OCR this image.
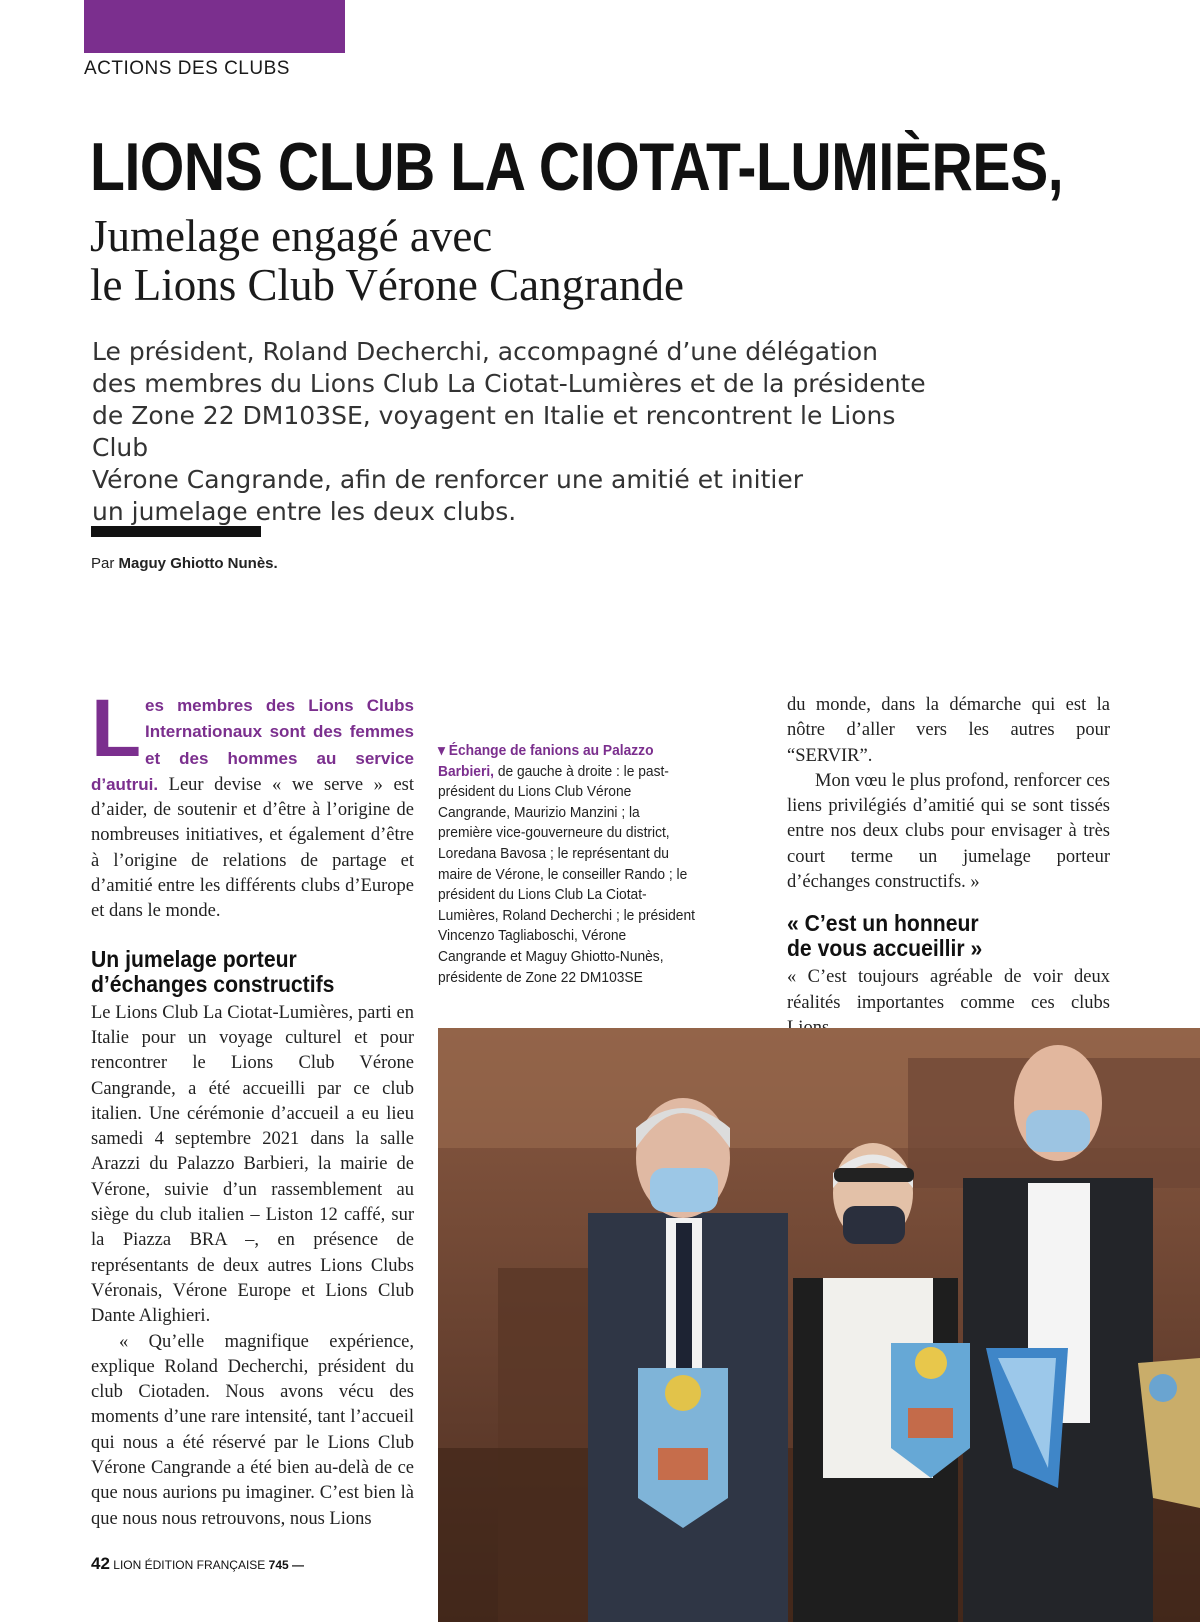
ACTIONS DES CLUBS
LIONS CLUB LA CIOTAT-LUMIÈRES,
Jumelage engagé avec
le Lions Club Vérone Cangrande
Le président, Roland Decherchi, accompagné d’une délégation
des membres du Lions Club La Ciotat-Lumières et de la présidente
de Zone 22 DM103SE, voyagent en Italie et rencontrent le Lions Club
Vérone Cangrande, afin de renforcer une amitié et initier
un jumelage entre les deux clubs.
Par Maguy Ghiotto Nunès.

Les membres des Lions Clubs Internationaux sont des femmes et des hommes au service d’autrui. Leur devise « we serve » est d’aider, de soutenir et d’être à l’origine de nombreuses initiatives, et également d’être à l’origine de relations de partage et d’amitié entre les différents clubs d’Europe et dans le monde.

Un jumelage porteur
d’échanges constructifs

Le Lions Club La Ciotat-Lumières, parti en Italie pour un voyage culturel et pour rencontrer le Lions Club Vérone Cangrande, a été accueilli par ce club italien. Une cérémonie d’accueil a eu lieu samedi 4 septembre 2021 dans la salle Arazzi du Palazzo Barbieri, la mairie de Vérone, suivie d’un rassemblement au siège du club italien – Liston 12 caffé, sur la Piazza BRA –, en présence de représentants de deux autres Lions Clubs Véronais, Vérone Europe et Lions Club Dante Alighieri.

« Qu’elle magnifique expérience, explique Roland Decherchi, président du club Ciotaden. Nous avons vécu des moments d’une rare intensité, tant l’accueil qui nous a été réservé par le Lions Club Vérone Cangrande a été bien au-delà de ce que nous aurions pu imaginer. C’est bien là que nous nous retrouvons, nous Lions

▾ Échange de fanions au Palazzo Barbieri, de gauche à droite : le past-président du Lions Club Vérone Cangrande, Maurizio Manzini ; la première vice-gouverneure du district, Loredana Bavosa ; le représentant du maire de Vérone, le conseiller Rando ; le président du Lions Club La Ciotat-Lumières, Roland Decherchi ; le président Vincenzo Tagliaboschi, Vérone Cangrande et Maguy Ghiotto-Nunès, présidente de Zone 22 DM103SE

du monde, dans la démarche qui est la nôtre d’aller vers les autres pour “SERVIR”.

Mon vœu le plus profond, renforcer ces liens privilégiés d’amitié qui se sont tissés entre nos deux clubs pour envisager à très court terme un jumelage porteur d’échanges constructifs. »

« C’est un honneur
de vous accueillir »

« C’est toujours agréable de voir deux réalités importantes comme ces clubs

42 LION ÉDITION FRANÇAISE 745 —
